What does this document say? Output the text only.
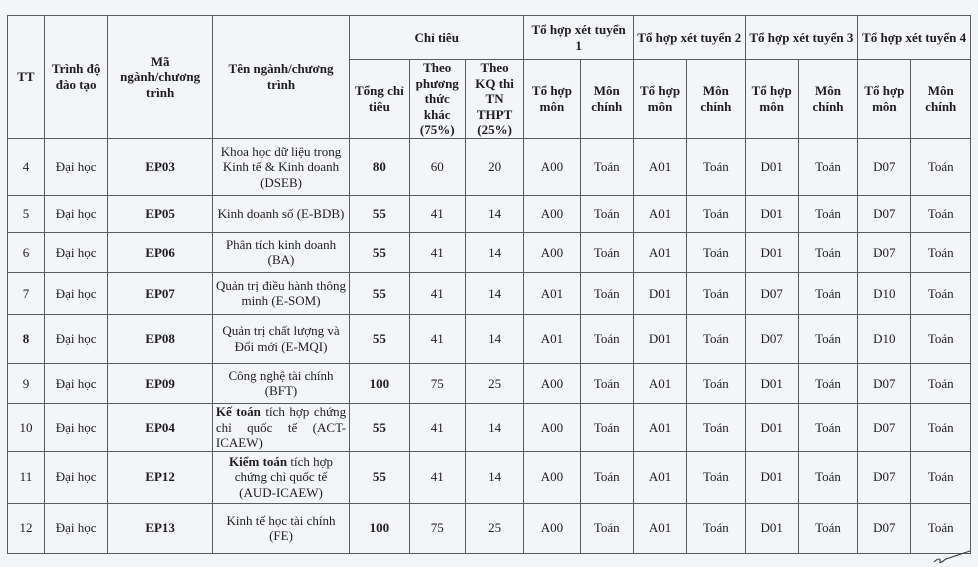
TT	Trình độ đào tạo	Mã ngành/chương trình	Tên ngành/chương trình	Chỉ tiêu			Tổ hợp xét tuyển 1		Tổ hợp xét tuyển 2		Tổ hợp xét tuyển 3		Tổ hợp xét tuyển 4	
				Tổng chỉ tiêu	Theo phương thức khác (75%)	Theo KQ thi TN THPT (25%)	Tổ hợp môn	Môn chính	Tổ hợp môn	Môn chính	Tổ hợp môn	Môn chính	Tổ hợp môn	Môn chính
4	Đại học	EP03	Khoa học dữ liệu trong Kinh tế & Kinh doanh (DSEB)	80	60	20	A00	Toán	A01	Toán	D01	Toán	D07	Toán
5	Đại học	EP05	Kinh doanh số (E-BDB)	55	41	14	A00	Toán	A01	Toán	D01	Toán	D07	Toán
6	Đại học	EP06	Phân tích kinh doanh (BA)	55	41	14	A00	Toán	A01	Toán	D01	Toán	D07	Toán
7	Đại học	EP07	Quản trị điều hành thông minh (E-SOM)	55	41	14	A01	Toán	D01	Toán	D07	Toán	D10	Toán
8	Đại học	EP08	Quản trị chất lượng và Đổi mới (E-MQI)	55	41	14	A01	Toán	D01	Toán	D07	Toán	D10	Toán
9	Đại học	EP09	Công nghệ tài chính (BFT)	100	75	25	A00	Toán	A01	Toán	D01	Toán	D07	Toán
10	Đại học	EP04	Kế toán tích hợp chứng chỉ quốc tế (ACT-ICAEW)	55	41	14	A00	Toán	A01	Toán	D01	Toán	D07	Toán
11	Đại học	EP12	Kiểm toán tích hợp chứng chỉ quốc tế (AUD-ICAEW)	55	41	14	A00	Toán	A01	Toán	D01	Toán	D07	Toán
12	Đại học	EP13	Kinh tế học tài chính (FE)	100	75	25	A00	Toán	A01	Toán	D01	Toán	D07	Toán
